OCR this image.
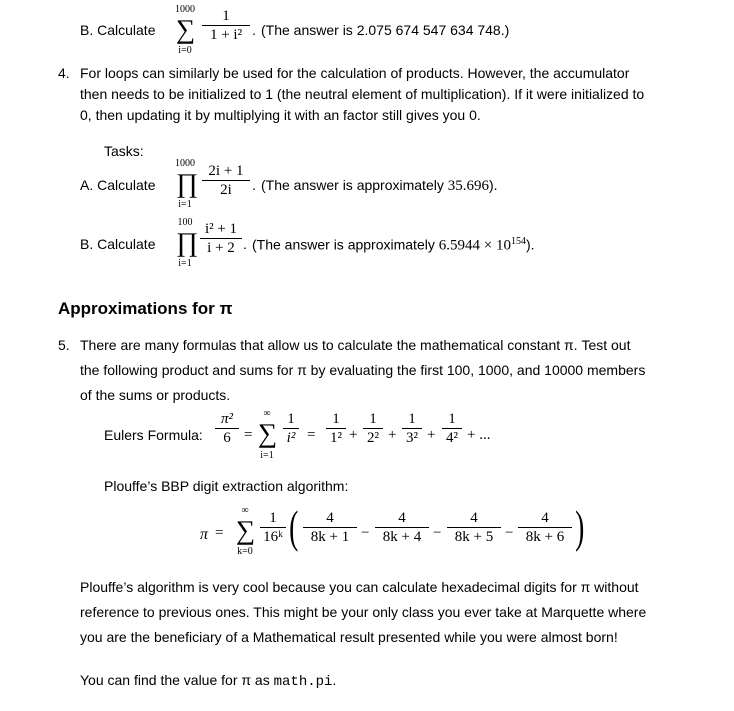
B. Calculate
1000
∑
i=0
1
1 + i² . (The answer is 2.075 674 547 634 748.)
4. For loops can similarly be used for the calculation of products. However, the accumulator
then needs to be initialized to 1 (the neutral element of multiplication). If it were initialized to
0, then updating it by multiplying it with an factor still gives you 0.
Tasks:
A. Calculate
1000
∏
i=1
2i + 1
2i	. (The answer is approximately 35.696).
B. Calculate
100
∏
i=1
i² + 1
i + 2 . (The answer is approximately $6.5944 \times 10^{154}$).
Approximations for π
5. There are many formulas that allow us to calculate the mathematical constant π. Test out
the following product and sums for π by evaluating the first 100, 1000, and 10000 members
of the sums or products.
Eulers Formula:
π²
6 =
∞
∑
i=1
1
i² =
1
1² +
1
2² +
1
3² +
1
4² + ...
Plouffe’s BBP digit extraction algorithm:
π =
∞
∑
k=0
1
16ᵏ (	4
8k + 1 −
4
8k + 4 −
4
8k + 5 −
4
8k + 6 )
Plouffe’s algorithm is very cool because you can calculate hexadecimal digits for π without
reference to previous ones. This might be your only class you ever take at Marquette where
you are the beneficiary of a Mathematical result presented while you were almost born!
You can find the value for π as math.pi.
